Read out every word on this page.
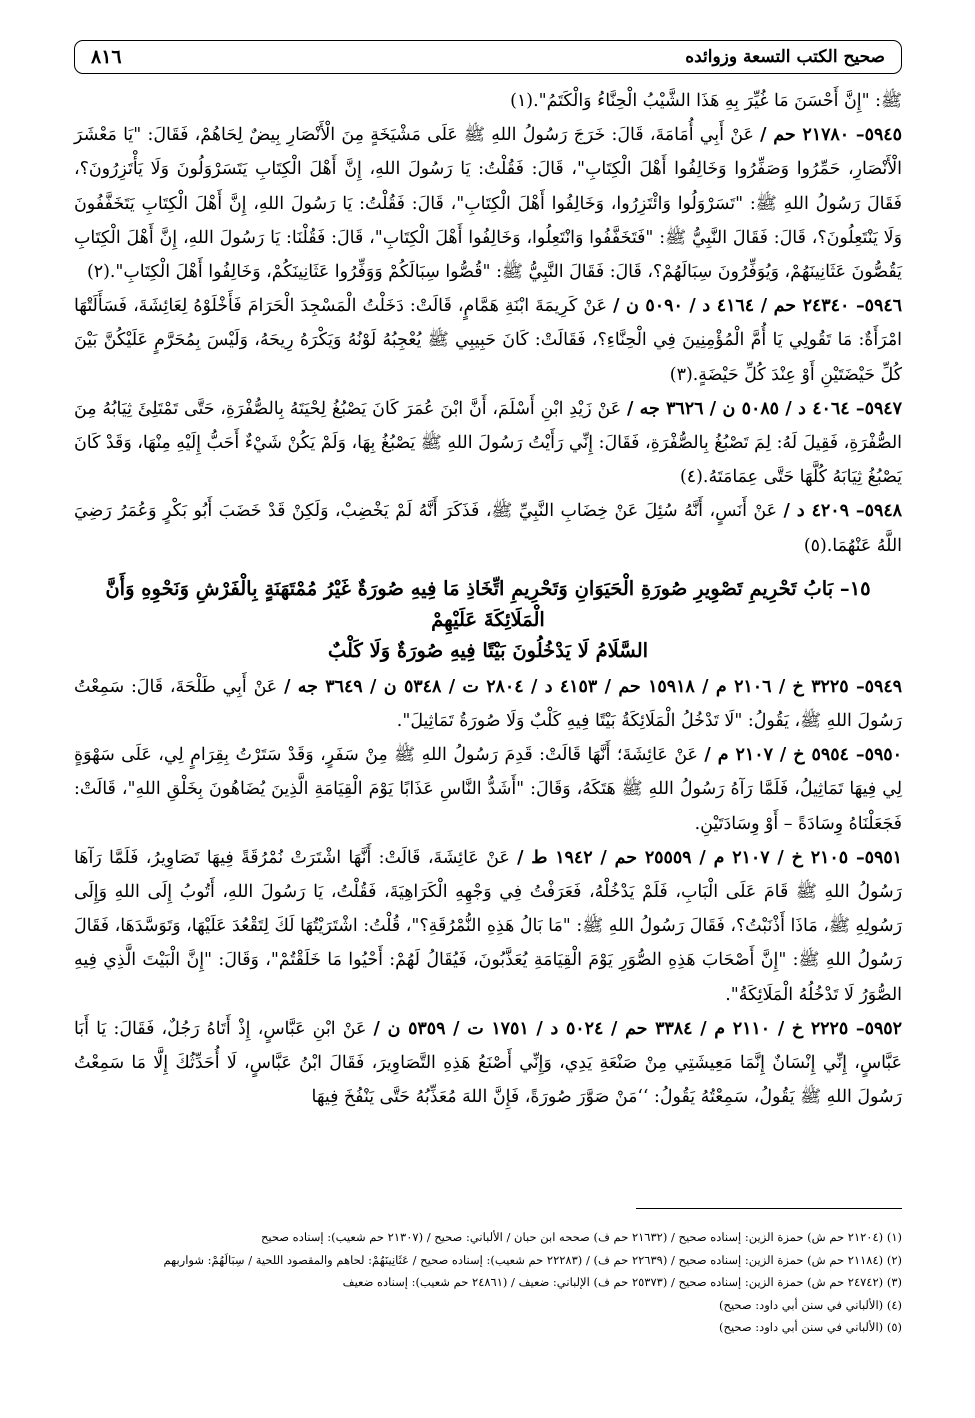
صحيح الكتب التسعة وزوائده
٨١٦

ﷺ: "إِنَّ أَحْسَنَ مَا غُيِّرَ بِهِ هَذَا الشَّيْبُ الْحِنَّاءُ وَالْكَتَمُ".(١)

٥٩٤٥– ٢١٧٨٠ حم / عَنْ أَبِي أُمَامَةَ، قَالَ: خَرَجَ رَسُولُ اللهِ ﷺ عَلَى مَشْيَخَةٍ مِنَ الْأَنْصَارِ بِيضٌ لِحَاهُمْ، فَقَالَ: "يَا مَعْشَرَ الْأَنْصَارِ، حَمِّرُوا وَصَفِّرُوا وَخَالِفُوا أَهْلَ الْكِتَابِ"، قَالَ: فَقُلْتُ: يَا رَسُولَ اللهِ، إِنَّ أَهْلَ الْكِتَابِ يَتَسَرْوَلُونَ وَلَا يَأْتَزِرُونَ؟، فَقَالَ رَسُولُ اللهِ ﷺ: "تَسَرْوَلُوا وَائْتَزِرُوا، وَخَالِفُوا أَهْلَ الْكِتَابِ"، قَالَ: فَقُلْتُ: يَا رَسُولَ اللهِ، إِنَّ أَهْلَ الْكِتَابِ يَتَخَفَّفُونَ وَلَا يَنْتَعِلُونَ؟، قَالَ: فَقَالَ النَّبِيُّ ﷺ: "فَتَخَفَّفُوا وَانْتَعِلُوا، وَخَالِفُوا أَهْلَ الْكِتَابِ"، قَالَ: فَقُلْنَا: يَا رَسُولَ اللهِ، إِنَّ أَهْلَ الْكِتَابِ يَقُصُّونَ عَثَانِينَهُمْ، وَيُوَفِّرُونَ سِبَالَهُمْ؟، قَالَ: فَقَالَ النَّبِيُّ ﷺ: "قُصُّوا سِبَالَكُمْ وَوَفِّرُوا عَثَانِينَكُمْ، وَخَالِفُوا أَهْلَ الْكِتَابِ".(٢)

٥٩٤٦– ٢٤٣٤٠ حم / ٤١٦٤ د / ٥٠٩٠ ن / عَنْ كَرِيمَةَ ابْنَةِ هَمَّامٍ، قَالَتْ: دَخَلْتُ الْمَسْجِدَ الْحَرَامَ فَأَخْلَوْهُ لِعَائِشَةَ، فَسَأَلَتْهَا امْرَأَةٌ: مَا تَقُولِي يَا أُمَّ الْمُؤْمِنِينَ فِي الْحِنَّاءِ؟، فَقَالَتْ: كَانَ حَبِيبِي ﷺ يُعْجِبُهُ لَوْنُهُ وَيَكْرَهُ رِيحَهُ، وَلَيْسَ بِمُحَرَّمٍ عَلَيْكُنَّ بَيْنَ كُلِّ حَيْضَتَيْنِ أَوْ عِنْدَ كُلِّ حَيْضَةٍ.(٣)

٥٩٤٧– ٤٠٦٤ د / ٥٠٨٥ ن / ٣٦٢٦ جه / عَنْ زَيْدِ ابْنِ أَسْلَمَ، أَنَّ ابْنَ عُمَرَ كَانَ يَصْبُغُ لِحْيَتَهُ بِالصُّفْرَةِ، حَتَّى تَمْتَلِئَ ثِيَابُهُ مِنَ الصُّفْرَةِ، فَقِيلَ لَهُ: لِمَ تَصْبُغُ بِالصُّفْرَةِ، فَقَالَ: إِنِّي رَأَيْتُ رَسُولَ اللهِ ﷺ يَصْبُغُ بِهَا، وَلَمْ يَكُنْ شَيْءٌ أَحَبُّ إِلَيْهِ مِنْهَا، وَقَدْ كَانَ يَصْبُغُ ثِيَابَهُ كُلَّهَا حَتَّى عِمَامَتَهُ.(٤)

٥٩٤٨– ٤٢٠٩ د / عَنْ أَنَسٍ، أَنَّهُ سُئِلَ عَنْ خِضَابِ النَّبِيِّ ﷺ، فَذَكَرَ أَنَّهُ لَمْ يَخْضِبْ، وَلَكِنْ قَدْ خَضَبَ أَبُو بَكْرٍ وَعُمَرُ رَضِيَ اللَّهُ عَنْهُمَا.(٥)

١٥– بَابُ تَحْرِيمِ تَصْوِيرِ صُورَةِ الْحَيَوَانِ وَتَحْرِيمِ اتِّخَاذِ مَا فِيهِ صُورَةٌ غَيْرُ مُمْتَهَنَةٍ بِالْفَرْشِ وَنَحْوِهِ وَأَنَّ الْمَلَائِكَةَ عَلَيْهِمْ
السَّلَامُ لَا يَدْخُلُونَ بَيْتًا فِيهِ صُورَةٌ وَلَا كَلْبٌ

٥٩٤٩– ٣٢٢٥ خ / ٢١٠٦ م / ١٥٩١٨ حم / ٤١٥٣ د / ٢٨٠٤ ت / ٥٣٤٨ ن / ٣٦٤٩ جه / عَنْ أَبِي طَلْحَةَ، قَالَ: سَمِعْتُ رَسُولَ اللهِ ﷺ، يَقُولُ: "لَا تَدْخُلُ الْمَلَائِكَةُ بَيْتًا فِيهِ كَلْبٌ وَلَا صُورَةُ تَمَاثِيلَ".

٥٩٥٠– ٥٩٥٤ خ / ٢١٠٧ م / عَنْ عَائِشَةَ؛ أَنَّهَا قَالَتْ: قَدِمَ رَسُولُ اللهِ ﷺ مِنْ سَفَرٍ، وَقَدْ سَتَرْتُ بِقِرَامٍ لِي، عَلَى سَهْوَةٍ لِي فِيهَا تَمَاثِيلُ، فَلَمَّا رَآهُ رَسُولُ اللهِ ﷺ هَتَكَهُ، وَقَالَ: "أَشَدُّ النَّاسِ عَذَابًا يَوْمَ الْقِيَامَةِ الَّذِينَ يُضَاهُونَ بِخَلْقِ اللهِ"، قَالَتْ: فَجَعَلْنَاهُ وِسَادَةً – أَوْ وِسَادَتَيْنِ.

٥٩٥١– ٢١٠٥ خ / ٢١٠٧ م / ٢٥٥٥٩ حم / ١٩٤٢ ط / عَنْ عَائِشَةَ، قَالَتْ: أَنَّهَا اشْتَرَتْ نُمْرُقَةً فِيهَا تَصَاوِيرُ، فَلَمَّا رَآهَا رَسُولُ اللهِ ﷺ قَامَ عَلَى الْبَابِ، فَلَمْ يَدْخُلْهُ، فَعَرَفْتُ فِي وَجْهِهِ الْكَرَاهِيَةَ، فَقُلْتُ، يَا رَسُولَ اللهِ، أَتُوبُ إِلَى اللهِ وَإِلَى رَسُولِهِ ﷺ، مَاذَا أَذْنَبْتُ؟، فَقَالَ رَسُولُ اللهِ ﷺ: "مَا بَالُ هَذِهِ النُّمْرُقَةِ؟"، قُلْتُ: اشْتَرَيْتُهَا لَكَ لِتَقْعُدَ عَلَيْهَا، وَتَوَسَّدَهَا، فَقَالَ رَسُولُ اللهِ ﷺ: "إِنَّ أَصْحَابَ هَذِهِ الصُّوَرِ يَوْمَ الْقِيَامَةِ يُعَذَّبُونَ، فَيُقَالُ لَهُمْ: أَحْيُوا مَا خَلَقْتُمْ"، وَقَالَ: "إِنَّ الْبَيْتَ الَّذِي فِيهِ الصُّوَرُ لَا تَدْخُلُهُ الْمَلَائِكَةُ".

٥٩٥٢– ٢٢٢٥ خ / ٢١١٠ م / ٣٣٨٤ حم / ٥٠٢٤ د / ١٧٥١ ت / ٥٣٥٩ ن / عَنْ ابْنِ عَبَّاسٍ، إِذْ أَتَاهُ رَجُلٌ، فَقَالَ: يَا أَبَا عَبَّاسٍ، إِنِّي إِنْسَانٌ إِنَّمَا مَعِيشَتِي مِنْ صَنْعَةِ يَدِي، وَإِنِّي أَصْنَعُ هَذِهِ التَّصَاوِيرَ، فَقَالَ ابْنُ عَبَّاسٍ، لَا أُحَدِّثُكَ إِلَّا مَا سَمِعْتُ رَسُولَ اللهِ ﷺ يَقُولُ، سَمِعْتُهُ يَقُولُ: ‘‘مَنْ صَوَّرَ صُورَةً، فَإِنَّ اللهَ مُعَذِّبُهُ حَتَّى يَنْفُخَ فِيهَا

(١) (٢١٢٠٤ حم ش) حمزة الزين: إسناده صحيح / (٢١٦٣٢ حم ف) صححه ابن حبان / الألباني: صحيح / (٢١٣٠٧ حم شعيب): إسناده صحيح

(٢) (٢١١٨٤ حم ش) حمزة الزين: إسناده صحيح / (٢٢٦٣٩ حم ف) / (٢٢٢٨٣ حم شعيب): إسناده صحيح / عَثَانِينَهُمْ: لحاهم والمقصود اللحية / سِبَالَهُمْ: شواربهم

(٣) (٢٤٧٤٢ حم ش) حمزة الزين: إسناده صحيح / (٢٥٣٧٣ حم ف) الإلباني: ضعيف / (٢٤٨٦١ حم شعيب): إسناده ضعيف

(٤) (الألباني في سنن أبي داود: صحيح)

(٥) (الألباني في سنن أبي داود: صحيح)
